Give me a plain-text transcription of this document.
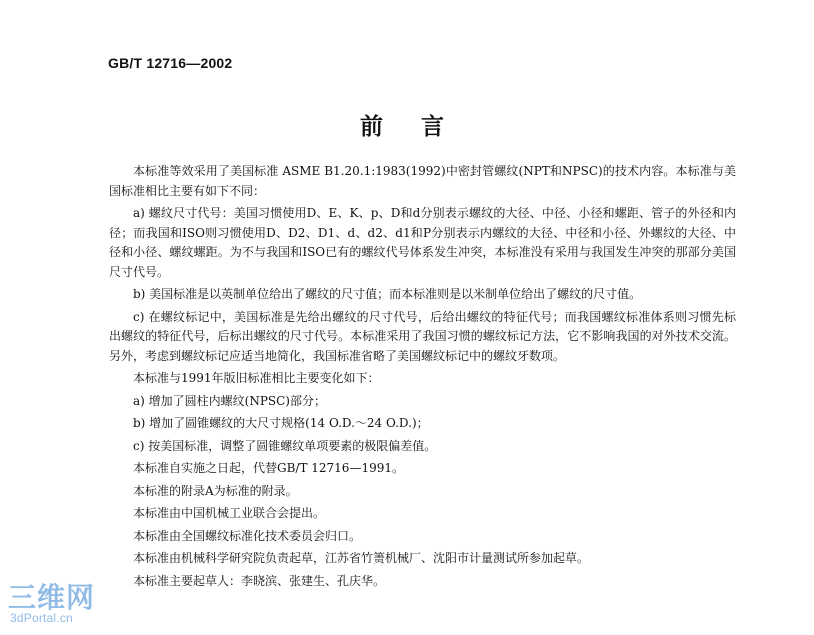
GB/T 12716—2002
前言

本标准等效采用了美国标准 ASME B1.20.1:1983(1992)中密封管螺纹(NPT和NPSC)的技术内容。本标准与美国标准相比主要有如下不同：

a) 螺纹尺寸代号：美国习惯使用D、E、K、p、D和d分别表示螺纹的大径、中径、小径和螺距、管子的外径和内径；而我国和ISO则习惯使用D、D2、D1、d、d2、d1和P分别表示内螺纹的大径、中径和小径、外螺纹的大径、中径和小径、螺纹螺距。为不与我国和ISO已有的螺纹代号体系发生冲突，本标准没有采用与我国发生冲突的那部分美国尺寸代号。

b) 美国标准是以英制单位给出了螺纹的尺寸值；而本标准则是以米制单位给出了螺纹的尺寸值。

c) 在螺纹标记中，美国标准是先给出螺纹的尺寸代号，后给出螺纹的特征代号；而我国螺纹标准体系则习惯先标出螺纹的特征代号，后标出螺纹的尺寸代号。本标准采用了我国习惯的螺纹标记方法，它不影响我国的对外技术交流。另外，考虑到螺纹标记应适当地简化，我国标准省略了美国螺纹标记中的螺纹牙数项。

本标准与1991年版旧标准相比主要变化如下：

a) 增加了圆柱内螺纹(NPSC)部分；

b) 增加了圆锥螺纹的大尺寸规格(14 O.D.～24 O.D.)；

c) 按美国标准，调整了圆锥螺纹单项要素的极限偏差值。

本标准自实施之日起，代替GB/T 12716—1991。

本标准的附录A为标准的附录。

本标准由中国机械工业联合会提出。

本标准由全国螺纹标准化技术委员会归口。

本标准由机械科学研究院负责起草，江苏省竹箦机械厂、沈阳市计量测试所参加起草。

本标准主要起草人：李晓滨、张建生、孔庆华。

三维网
3dPortal.cn
